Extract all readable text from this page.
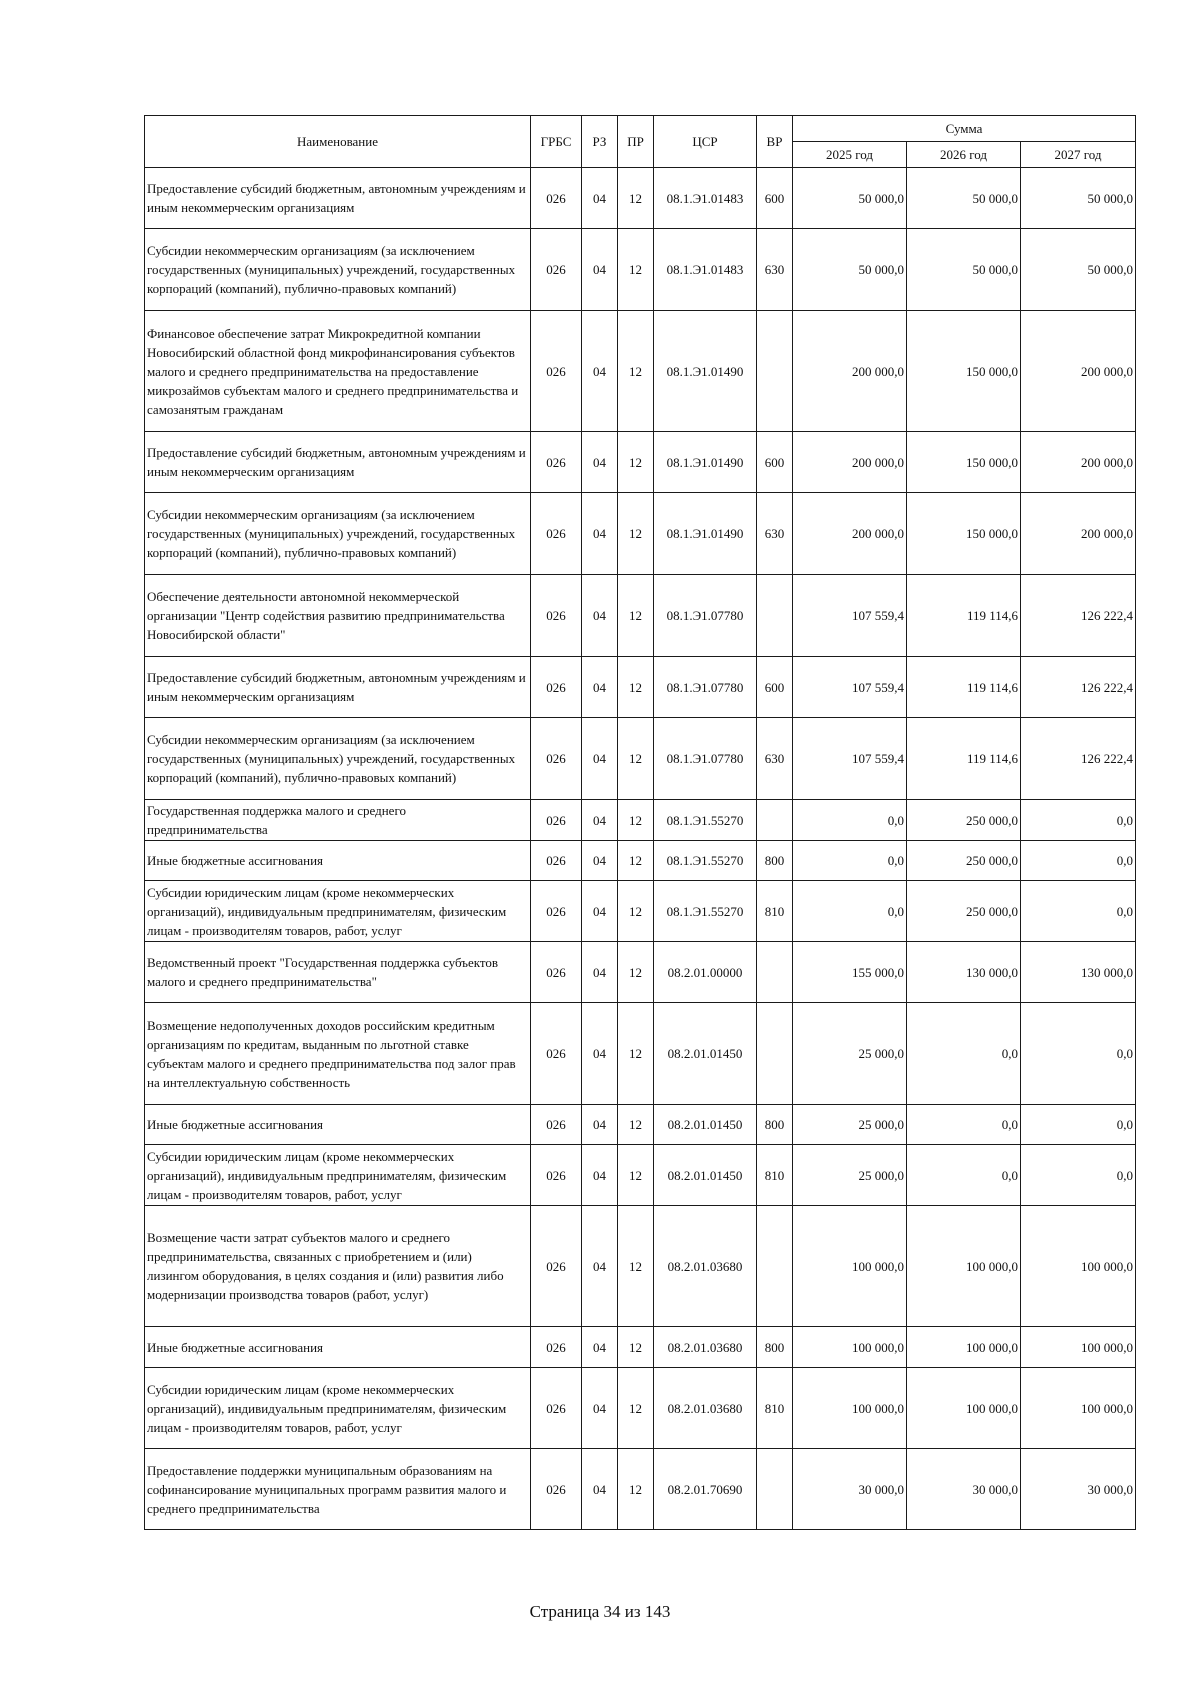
Наименование	ГРБС	РЗ	ПР	ЦСР	ВР	Сумма		
						2025 год	2026 год	2027 год
Предоставление субсидий бюджетным, автономным учреждениям и иным некоммерческим организациям	026	04	12	08.1.Э1.01483	600	50 000,0	50 000,0	50 000,0
Субсидии некоммерческим организациям (за исключением государственных (муниципальных) учреждений, государственных корпораций (компаний), публично-правовых компаний)	026	04	12	08.1.Э1.01483	630	50 000,0	50 000,0	50 000,0
Финансовое обеспечение затрат Микрокредитной компании Новосибирский областной фонд микрофинансирования субъектов малого и среднего предпринимательства на предоставление микрозаймов субъектам малого и среднего предпринимательства и самозанятым гражданам	026	04	12	08.1.Э1.01490		200 000,0	150 000,0	200 000,0
Предоставление субсидий бюджетным, автономным учреждениям и иным некоммерческим организациям	026	04	12	08.1.Э1.01490	600	200 000,0	150 000,0	200 000,0
Субсидии некоммерческим организациям (за исключением государственных (муниципальных) учреждений, государственных корпораций (компаний), публично-правовых компаний)	026	04	12	08.1.Э1.01490	630	200 000,0	150 000,0	200 000,0
Обеспечение деятельности автономной некоммерческой организации "Центр содействия развитию предпринимательства Новосибирской области"	026	04	12	08.1.Э1.07780		107 559,4	119 114,6	126 222,4
Предоставление субсидий бюджетным, автономным учреждениям и иным некоммерческим организациям	026	04	12	08.1.Э1.07780	600	107 559,4	119 114,6	126 222,4
Субсидии некоммерческим организациям (за исключением государственных (муниципальных) учреждений, государственных корпораций (компаний), публично-правовых компаний)	026	04	12	08.1.Э1.07780	630	107 559,4	119 114,6	126 222,4
Государственная поддержка малого и среднего предпринимательства	026	04	12	08.1.Э1.55270		0,0	250 000,0	0,0
Иные бюджетные ассигнования	026	04	12	08.1.Э1.55270	800	0,0	250 000,0	0,0
Субсидии юридическим лицам (кроме некоммерческих организаций), индивидуальным предпринимателям, физическим лицам - производителям товаров, работ, услуг	026	04	12	08.1.Э1.55270	810	0,0	250 000,0	0,0
Ведомственный проект "Государственная поддержка субъектов малого и среднего предпринимательства"	026	04	12	08.2.01.00000		155 000,0	130 000,0	130 000,0
Возмещение недополученных доходов российским кредитным организациям по кредитам, выданным по льготной ставке субъектам малого и среднего предпринимательства под залог прав на интеллектуальную собственность	026	04	12	08.2.01.01450		25 000,0	0,0	0,0
Иные бюджетные ассигнования	026	04	12	08.2.01.01450	800	25 000,0	0,0	0,0
Субсидии юридическим лицам (кроме некоммерческих организаций), индивидуальным предпринимателям, физическим лицам - производителям товаров, работ, услуг	026	04	12	08.2.01.01450	810	25 000,0	0,0	0,0
Возмещение части затрат субъектов малого и среднего предпринимательства, связанных с приобретением и (или) лизингом оборудования, в целях создания и (или) развития либо модернизации производства товаров (работ, услуг)	026	04	12	08.2.01.03680		100 000,0	100 000,0	100 000,0
Иные бюджетные ассигнования	026	04	12	08.2.01.03680	800	100 000,0	100 000,0	100 000,0
Субсидии юридическим лицам (кроме некоммерческих организаций), индивидуальным предпринимателям, физическим лицам - производителям товаров, работ, услуг	026	04	12	08.2.01.03680	810	100 000,0	100 000,0	100 000,0
Предоставление поддержки муниципальным образованиям на софинансирование муниципальных программ развития малого и среднего предпринимательства	026	04	12	08.2.01.70690		30 000,0	30 000,0	30 000,0
Страница 34 из 143
